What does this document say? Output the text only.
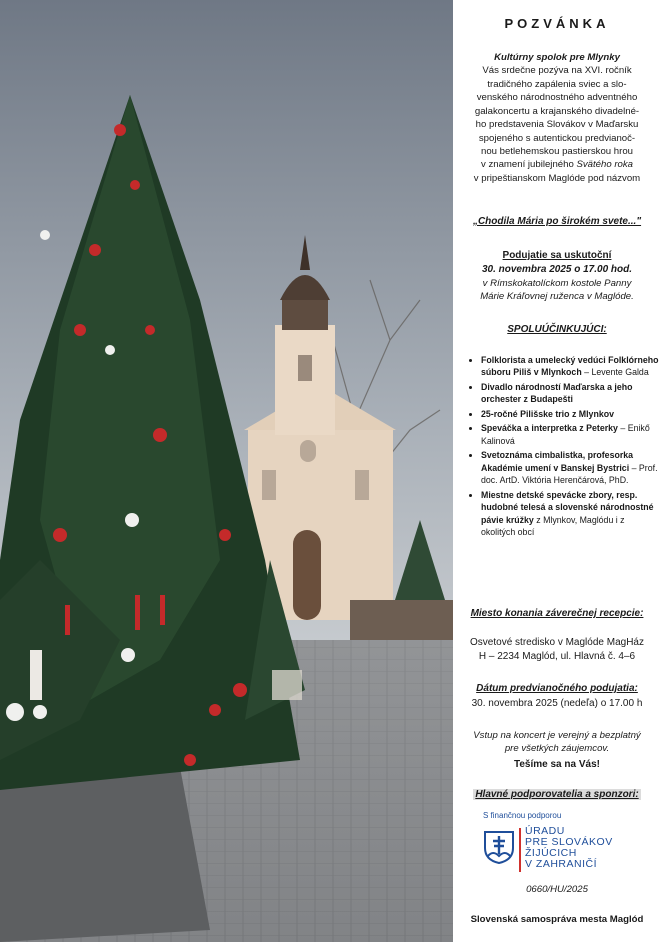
POZVÁNKA
Kultúrny spolok pre Mlynky
Vás srdečne pozýva na XVI. ročník
tradičného zapálenia sviec a slo-
venského národnostného adventného
galakoncertu a krajanského divadelné-
ho predstavenia Slovákov v Maďarsku
spojeného s autentickou predvianoč-
nou betlehemskou pastierskou hrou
v znamení jubilejného Svätého roka
v pripeštianskom Maglóde pod názvom
„Chodila Mária po širokém svete..."
Podujatie sa uskutoční
30. novembra 2025 o 17.00 hod.
v Rímskokatolíckom kostole Panny
Márie Kráľovnej ruženca v Maglóde.
SPOLUÚČINKUJÚCI:
• Folklorista a umelecký vedúci Folklórneho súboru Piliš v Mlynkoch – Levente Galda
• Divadlo národností Maďarska a jeho orchester z Budapešti
• 25-ročné Pilišske trio z Mlynkov
• Speváčka a interpretka z Peterky – Enikő Kalinová
• Svetoznáma cimbalistka, profesorka Akadémie umení v Banskej Bystrici – Prof. doc. ArtD. Viktória Herenčárová, PhD.
• Miestne detské spevácke zbory, resp. hudobné telesá a slovenské národnostné pávie krúžky z Mlynkov, Maglódu i z okolitých obcí
Miesto konania záverečnej recepcie:
Osvetové stredisko v Maglóde MagHáz
H – 2234 Maglód, ul. Hlavná č. 4–6
Dátum predvianočného podujatia:
30. novembra 2025 (nedeľa) o 17.00 h
Vstup na koncert je verejný a bezplatný
pre všetkých záujemcov.
Tešíme sa na Vás!
Hlavné podporovatelia a sponzori:
S finančnou podporou
ÚRADU
PRE SLOVÁKOV
ŽIJÚCICH
V ZAHRANIČÍ
0660/HU/2025
Slovenská samospráva mesta Maglód
